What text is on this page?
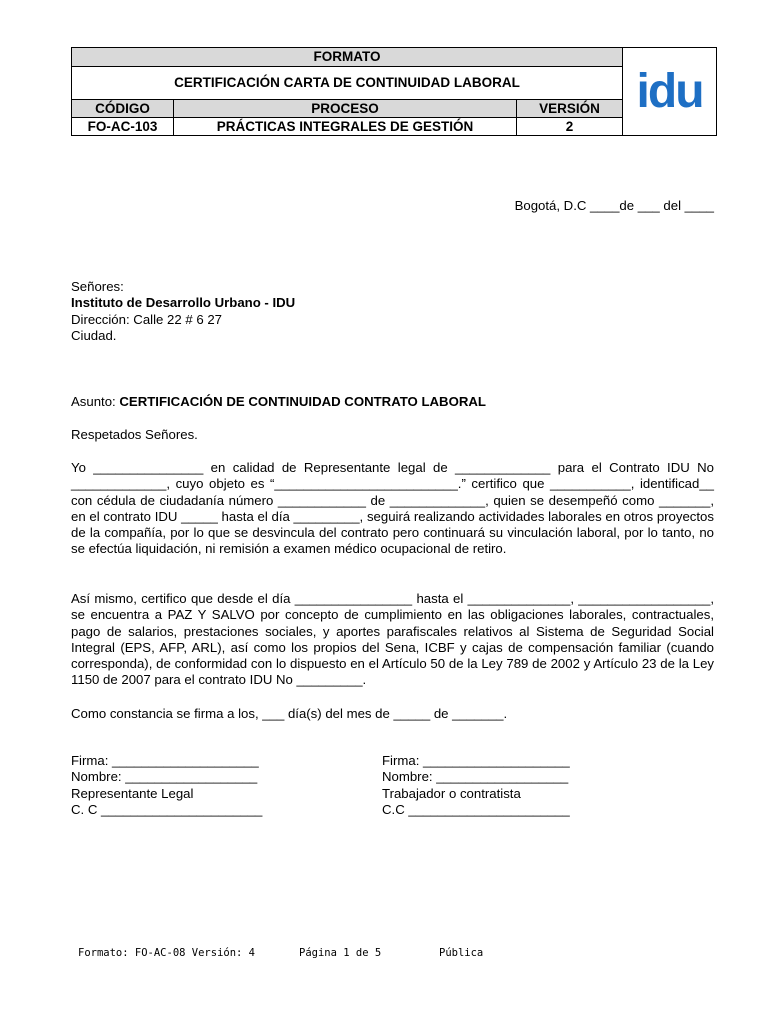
FORMATO			idu
CERTIFICACIÓN CARTA DE CONTINUIDAD LABORAL			
CÓDIGO	PROCESO	VERSIÓN	
FO-AC-103	PRÁCTICAS INTEGRALES DE GESTIÓN	2	
Bogotá, D.C ____de ___ del ____

Señores:

Instituto de Desarrollo Urbano - IDU

Dirección: Calle 22 # 6 27

Ciudad.

Asunto: CERTIFICACIÓN DE CONTINUIDAD CONTRATO LABORAL
Respetados Señores.
Yo _______________ en calidad de Representante legal de _____________ para el Contrato IDU No _____________, cuyo objeto es “_________________________.” certifico que ___________, identificad__ con cédula de ciudadanía número ____________ de _____________, quien se desempeñó como _______, en el contrato IDU _____ hasta el día _________, seguirá realizando actividades laborales en otros proyectos de la compañía, por lo que se desvincula del contrato pero continuará su vinculación laboral, por lo tanto, no se efectúa liquidación, ni remisión a examen médico ocupacional de retiro.
Así mismo, certifico que desde el día ________________ hasta el ______________, __________________, se encuentra a PAZ Y SALVO por concepto de cumplimiento en las obligaciones laborales, contractuales, pago de salarios, prestaciones sociales, y aportes parafiscales relativos al Sistema de Seguridad Social Integral (EPS, AFP, ARL), así como los propios del Sena, ICBF y cajas de compensación familiar (cuando corresponda), de conformidad con lo dispuesto en el Artículo 50 de la Ley 789 de 2002 y Artículo 23 de la Ley 1150 de 2007 para el contrato IDU No _________.
Como constancia se firma a los, ___ día(s) del mes de _____ de _______.

Firma: ____________________

Nombre: __________________

Representante Legal

C. C ______________________

Firma: ____________________

Nombre: __________________

Trabajador o contratista

C.C ______________________

Formato: FO-AC-08 Versión: 4	Página 1 de 5	Pública
